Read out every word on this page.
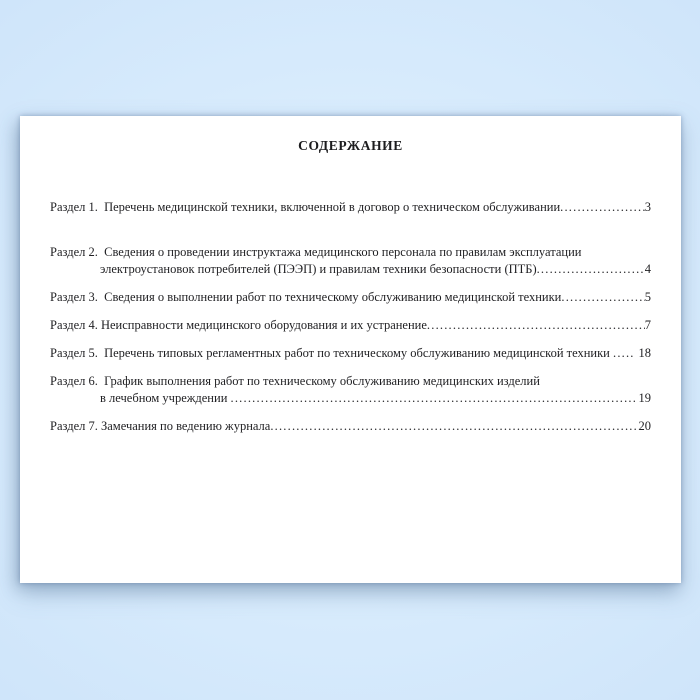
СОДЕРЖАНИЕ
Раздел 1.  Перечень медицинской техники, включенной в договор о техническом обслуживании .....	3
Раздел 2.  Сведения о проведении инструктажа медицинского персонала по правилам эксплуатации
электроустановок потребителей (ПЭЭП) и правилам техники безопасности (ПТБ) .....	4
Раздел 3.  Сведения о выполнении работ по техническому обслуживанию медицинской техники .....	5
Раздел 4. Неисправности медицинского оборудования и их устранение .....	7
Раздел 5.  Перечень типовых регламентных работ по техническому обслуживанию медицинской техники ..... 18
Раздел 6.  График выполнения работ по техническому обслуживанию медицинских изделий
в лечебном учреждении .....	19
Раздел 7. Замечания по ведению журнала .....	20
